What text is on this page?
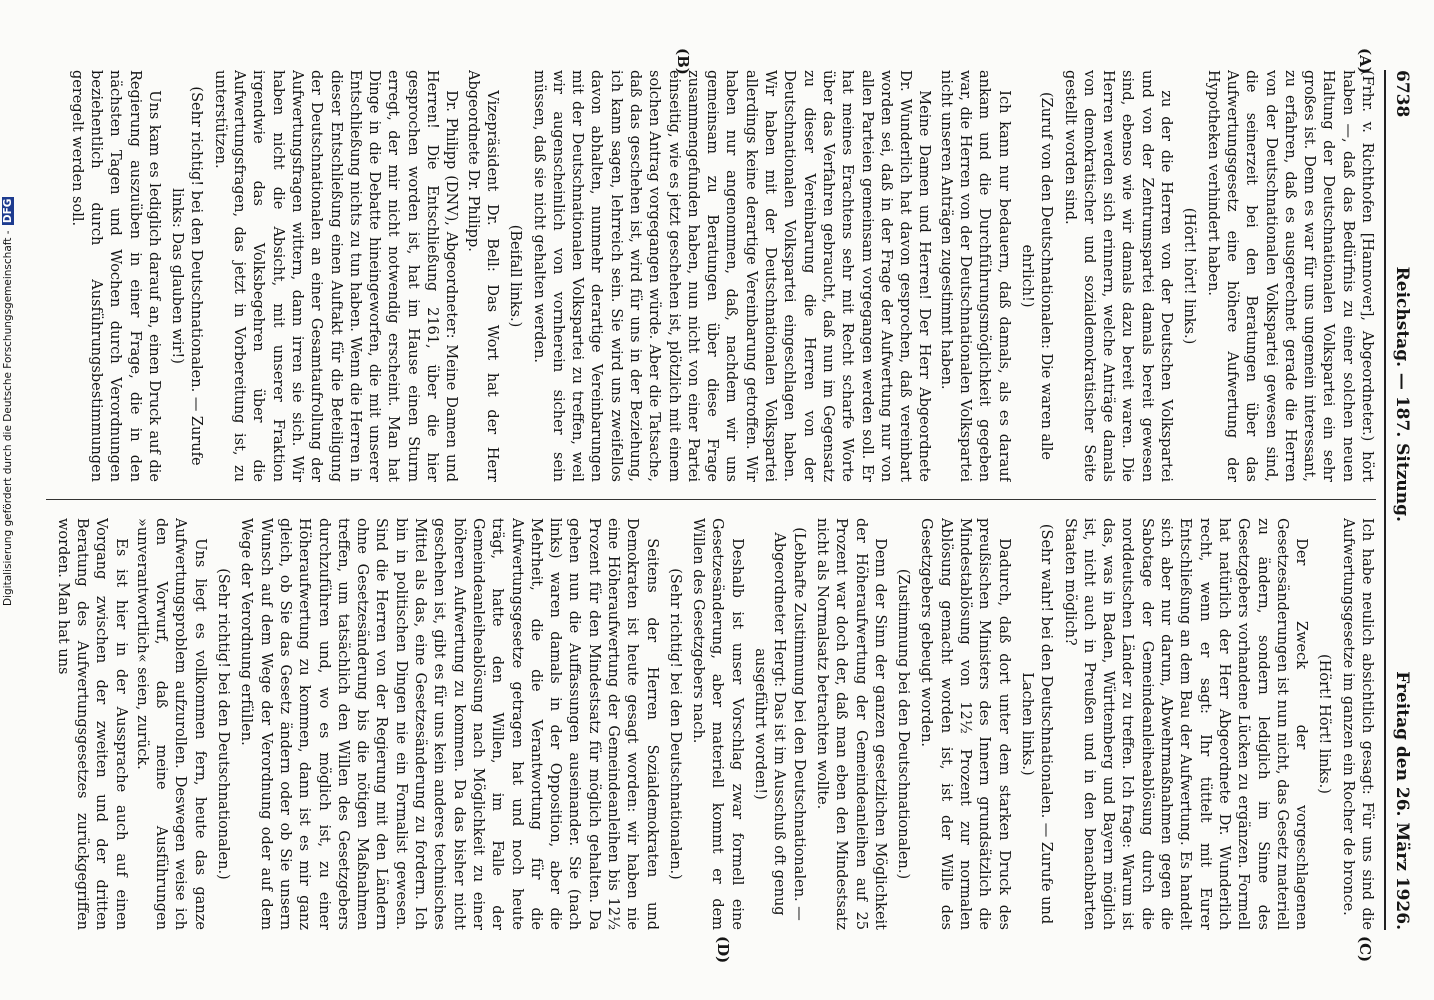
6738
Reichstag. — 187. Sitzung.
Freitag den 26. März 1926.
(A)
(B)
(C)
(D)

(Frhr. v. Richthofen [Hannover], Abgeordneter.) hört haben —, daß das Bedürfnis zu einer solchen neuen Haltung der Deutschnationalen Volkspartei ein sehr großes ist. Denn es war für uns ungemein interessant, zu erfahren, daß es ausgerechnet gerade die Herren von der Deutschnationalen Volkspartei gewesen sind, die seinerzeit bei den Beratungen über das Aufwertungsgesetz eine höhere Aufwertung der Hypotheken verhindert haben.

(Hört! hört! links.)

zu der die Herren von der Deutschen Volkspartei und von der Zentrumspartei damals bereit gewesen sind, ebenso wie wir damals dazu bereit waren. Die Herren werden sich erinnern, welche Anträge damals von demokratischer und sozialdemokratischer Seite gestellt worden sind.

(Zuruf von den Deutschnationalen: Die waren alle ehrlich!)

Ich kann nur bedauern, daß damals, als es darauf ankam und die Durchführungsmöglichkeit gegeben war, die Herren von der Deutschnationalen Volkspartei nicht unseren Anträgen zugestimmt haben.

Meine Damen und Herren! Der Herr Abgeordnete Dr. Wunderlich hat davon gesprochen, daß vereinbart worden sei, daß in der Frage der Aufwertung nur von allen Parteien gemeinsam vorgegangen werden soll. Er hat meines Erachtens sehr mit Recht scharfe Worte über das Verfahren gebraucht, daß nun im Gegensatz zu dieser Vereinbarung die Herren von der Deutschnationalen Volkspartei eingeschlagen haben. Wir haben mit der Deutschnationalen Volkspartei allerdings keine derartige Vereinbarung getroffen. Wir haben nur angenommen, daß, nachdem wir uns gemeinsam zu Beratungen über diese Frage zusammengefunden haben, nun nicht von einer Partei einseitig, wie es jetzt geschehen ist, plötzlich mit einem solchen Antrag vorgegangen würde. Aber die Tatsache, daß das geschehen ist, wird für uns in der Beziehung, ich kann sagen, lehrreich sein. Sie wird uns zweifellos davon abhalten, nunmehr derartige Vereinbarungen mit der Deutschnationalen Volkspartei zu treffen, weil wir augenscheinlich von vornherein sicher sein müssen, daß sie nicht gehalten werden.

(Beifall links.)

Vizepräsident Dr. Bell: Das Wort hat der Herr Abgeordnete Dr. Philipp.

Dr. Philipp (DNV), Abgeordneter: Meine Damen und Herren! Die Entschließung 2161, über die hier gesprochen worden ist, hat im Hause einen Sturm erregt, der mir nicht notwendig erscheint. Man hat Dinge in die Debatte hineingeworfen, die mit unserer Entschließung nichts zu tun haben. Wenn die Herren in dieser Entschließung einen Auftakt für die Beteiligung der Deutschnationalen an einer Gesamtaufrollung der Aufwertungsfragen wittern, dann irren sie sich. Wir haben nicht die Absicht, mit unserer Fraktion irgendwie das Volksbegehren über die Aufwertungsfragen, das jetzt in Vorbereitung ist, zu unterstützen.

(Sehr richtig! bei den Deutschnationalen. — Zurufe links: Das glauben wir!)

Uns kam es lediglich darauf an, einen Druck auf die Regierung auszuüben in einer Frage, die in den nächsten Tagen und Wochen durch Verordnungen beziehentlich durch Ausführungsbestimmungen geregelt werden soll.

Ich habe neulich absichtlich gesagt: Für uns sind die Aufwertungsgesetze im ganzen ein Rocher de bronce.

(Hört! Hört! links.)

Der Zweck der vorgeschlagenen Gesetzesänderungen ist nun nicht, das Gesetz materiell zu ändern, sondern lediglich im Sinne des Gesetzgebers vorhandene Lücken zu ergänzen. Formell hat natürlich der Herr Abgeordnete Dr. Wunderlich recht, wenn er sagt: Ihr tüttelt mit Eurer Entschließung an dem Bau der Aufwertung. Es handelt sich aber nur darum, Abwehrmaßnahmen gegen die Sabotage der Gemeindeanleiheablösung durch die norddeutschen Länder zu treffen. Ich frage: Warum ist das, was in Baden, Württemberg und Bayern möglich ist, nicht auch in Preußen und in den benachbarten Staaten möglich?

(Sehr wahr! bei den Deutschnationalen. — Zurufe und Lachen links.)

Dadurch, daß dort unter dem starken Druck des preußischen Ministers des Innern grundsätzlich die Mindestablösung von 12½ Prozent zur normalen Ablösung gemacht worden ist, ist der Wille des Gesetzgebers gebeugt worden.

(Zustimmung bei den Deutschnationalen.)

Denn der Sinn der ganzen gesetzlichen Möglichkeit der Höheraufwertung der Gemeindeanleihen auf 25 Prozent war doch der, daß man eben den Mindestsatz nicht als Normalsatz betrachten wollte.

(Lebhafte Zustimmung bei den Deutschnationalen. — Abgeordneter Hergt: Das ist im Ausschuß oft genug ausgeführt worden!)

Deshalb ist unser Vorschlag zwar formell eine Gesetzesänderung, aber materiell kommt er dem Willen des Gesetzgebers nach.

(Sehr richtig! bei den Deutschnationalen.)

Seitens der Herren Sozialdemokraten und Demokraten ist heute gesagt worden: wir haben nie eine Höheraufwertung der Gemeindeanleihen bis 12½ Prozent für den Mindestsatz für möglich gehalten. Da gehen nun die Auffassungen auseinander. Sie (nach links) waren damals in der Opposition, aber die Mehrheit, die die Verantwortung für die Aufwertungsgesetze getragen hat und noch heute trägt, hatte den Willen, im Falle der Gemeindeanleiheablösung nach Möglichkeit zu einer höheren Aufwertung zu kommen. Da das bisher nicht geschehen ist, gibt es für uns kein anderes technisches Mittel als das, eine Gesetzesänderung zu fordern. Ich bin in politischen Dingen nie ein Formalist gewesen. Sind die Herren von der Regierung mit den Ländern ohne Gesetzesänderung bis die nötigen Maßnahmen treffen, um tatsächlich den Willen des Gesetzgebers durchzuführen und, wo es möglich ist, zu einer Höheraufwertung zu kommen, dann ist es mir ganz gleich, ob Sie das Gesetz ändern oder ob Sie unsern Wunsch auf dem Wege der Verordnung oder auf dem Wege der Verordnung erfüllen.

(Sehr richtig! bei den Deutschnationalen.)

Uns liegt es vollkommen fern, heute das ganze Aufwertungsproblem aufzurollen. Deswegen weise ich den Vorwurf, daß meine Ausführungen »unverantwortlich« seien, zurück.

Es ist hier in der Aussprache auch auf einen Vorgang zwischen der zweiten und der dritten Beratung des Aufwertungsgesetzes zurückgegriffen worden. Man hat uns

Digitalisierung gefördert durch die Deutsche Forschungsgemeinschaft - DFG
